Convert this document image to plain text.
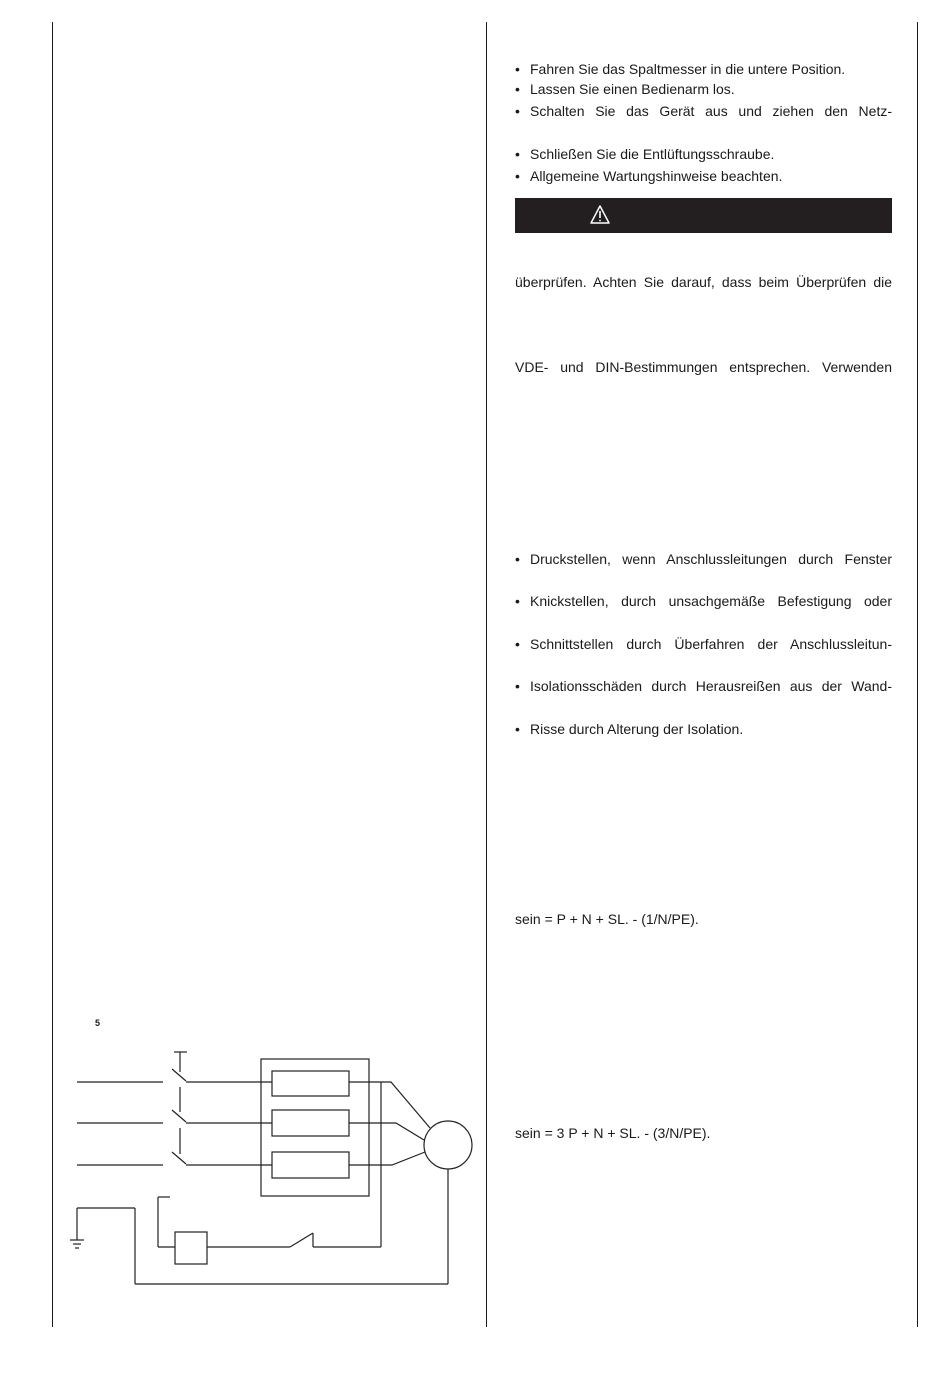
• Fahren Sie das Spaltmesser in die untere Position.
• Lassen Sie einen Bedienarm los.
• Schalten Sie das Gerät aus und ziehen den Netz-
• Schließen Sie die Entlüftungsschraube.
• Allgemeine Wartungshinweise beachten.
überprüfen. Achten Sie darauf, dass beim Überprüfen die
VDE- und DIN-Bestimmungen entsprechen. Verwenden
• Druckstellen, wenn Anschlussleitungen durch Fenster
• Knickstellen, durch unsachgemäße Befestigung oder
• Schnittstellen durch Überfahren der Anschlussleitun-
• Isolationsschäden durch Herausreißen aus der Wand-
• Risse durch Alterung der Isolation.
sein = P + N + SL. - (1/N/PE).
sein = 3 P + N + SL. - (3/N/PE).
5
